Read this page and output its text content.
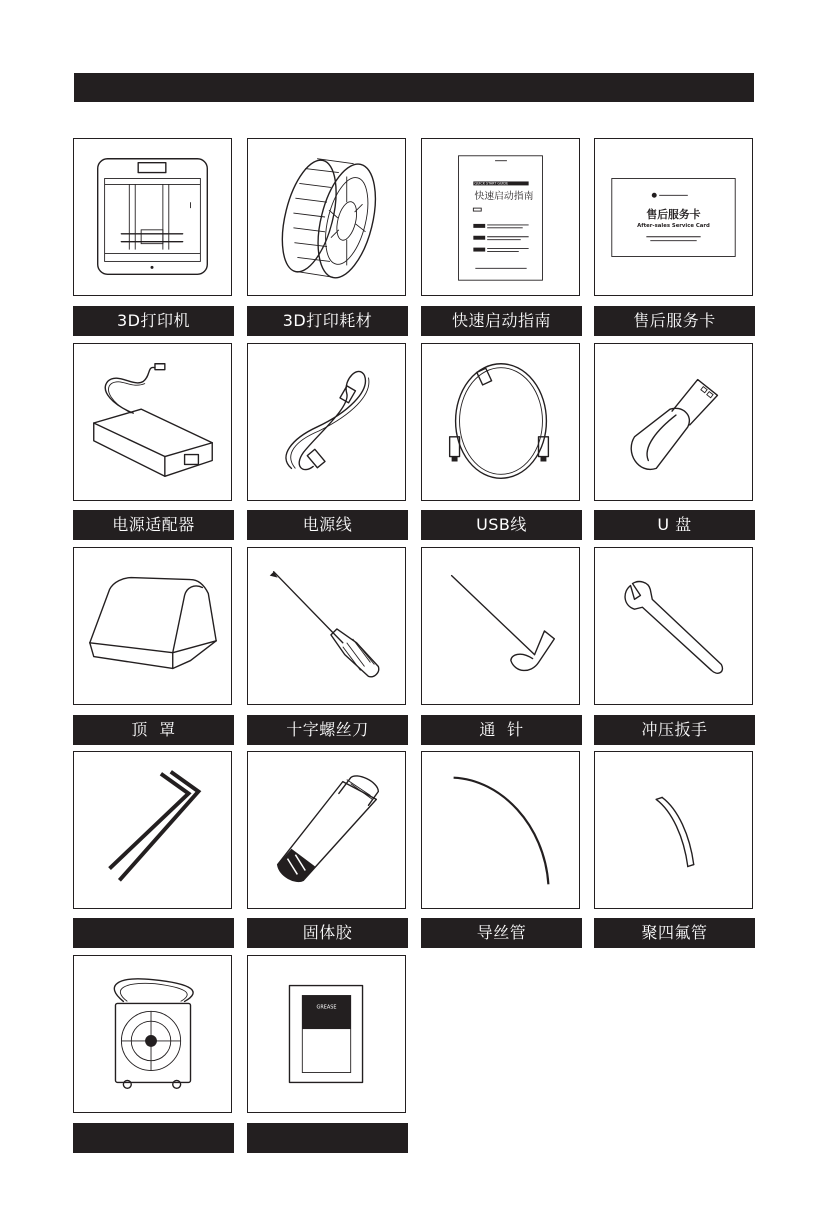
3D打印机	3D打印耗材
QUICK START GUIDE
快速启动指南
快速启动指南
售后服务卡
After-sales Service Card
售后服务卡
电源适配器	电源线	USB线	U 盘
顶  罩	十字螺丝刀	通  针	冲压扳手
固体胶	导丝管	聚四氟管
GREASE
